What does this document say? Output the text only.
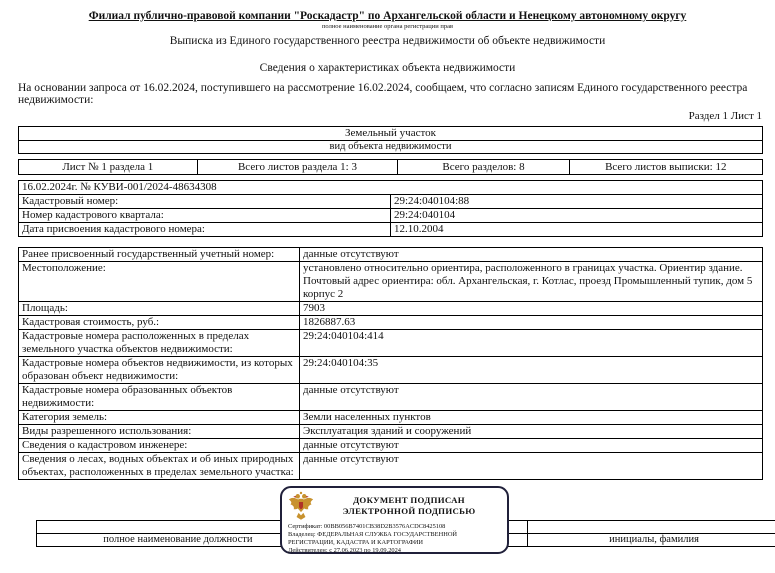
Филиал публично-правовой компании "Роскадастр" по Архангельской области и Ненецкому автономному округу
полное наименование органа регистрации прав
Выписка из Единого государственного реестра недвижимости об объекте недвижимости
Сведения о характеристиках объекта недвижимости
На основании запроса от 16.02.2024, поступившего на рассмотрение 16.02.2024, сообщаем, что согласно записям Единого государственного реестра недвижимости:
Раздел 1 Лист 1
Земельный участок
вид объекта недвижимости
Лист № 1 раздела 1	Всего листов раздела 1: 3	Всего разделов: 8	Всего листов выписки: 12
16.02.2024г. № КУВИ-001/2024-48634308	
Кадастровый номер:	29:24:040104:88
Номер кадастрового квартала:	29:24:040104
Дата присвоения кадастрового номера:	12.10.2004
Ранее присвоенный государственный учетный номер:	данные отсутствуют
Местоположение:	установлено относительно ориентира, расположенного в границах участка. Ориентир здание. Почтовый адрес ориентира: обл. Архангельская, г. Котлас, проезд Промышленный тупик, дом 5 корпус 2
Площадь:	7903
Кадастровая стоимость, руб.:	1826887.63
Кадастровые номера расположенных в пределах земельного участка объектов недвижимости:	29:24:040104:414
Кадастровые номера объектов недвижимости, из которых образован объект недвижимости:	29:24:040104:35
Кадастровые номера образованных объектов недвижимости:	данные отсутствуют
Категория земель:	Земли населенных пунктов
Виды разрешенного использования:	Эксплуатация зданий и сооружений
Сведения о кадастровом инженере:	данные отсутствуют
Сведения о лесах, водных объектах и об иных природных объектах, расположенных в пределах земельного участка:	данные отсутствуют

полное наименование должности		инициалы, фамилия
ДОКУМЕНТ ПОДПИСАН
ЭЛЕКТРОННОЙ ПОДПИСЬЮ
Сертификат: 00BB056B7401CB38D2B3576ACDC8425108
Владелец: ФЕДЕРАЛЬНАЯ СЛУЖБА ГОСУДАРСТВЕННОЙ РЕГИСТРАЦИИ, КАДАСТРА И КАРТОГРАФИИ
Действителен: с 27.06.2023 по 19.09.2024
